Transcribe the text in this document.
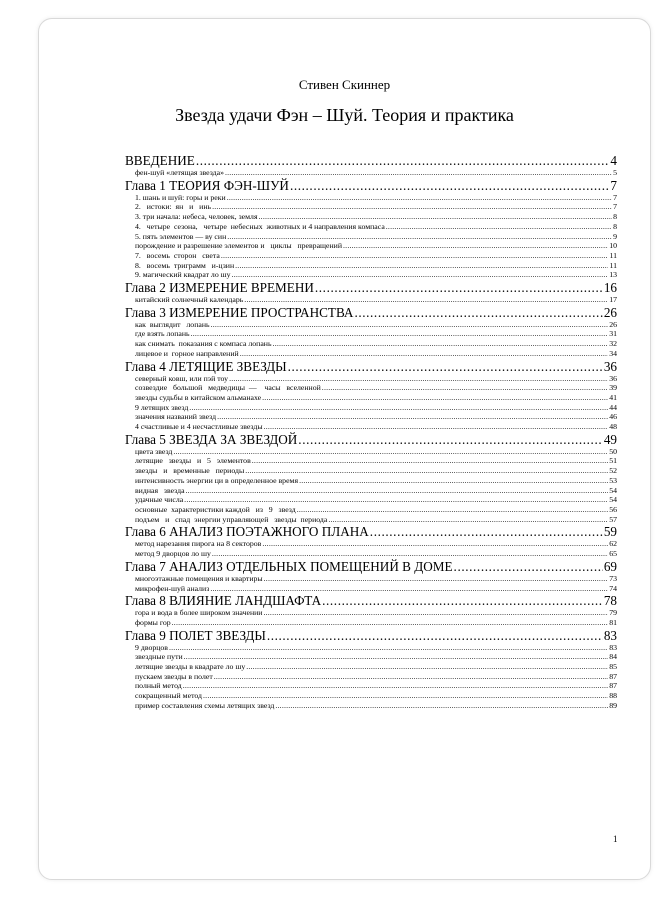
Стивен Скиннер
Звезда удачи Фэн – Шуй. Теория и практика
ВВЕДЕНИЕ .....	4
фен-шуй «летящая звезда» .....	5
Глава 1 ТЕОРИЯ ФЭН-ШУЙ .....	7
1. шань и шуй: горы и реки .....	7
2.   истоки:  ян   и   инь .....	7
3. три начала: небеса, человек, земля .....	8
4.   четыре  сезона,   четыре  небесных  животных и 4 направления компаса .....	8
5. пять элементов — ву син .....	9
порождение и разрешение элементов и   циклы   превращений .....	10
7.   восемь  сторон   света .....	11
8.   восемь  триграмм   и-цзин .....	11
9. магический квадрат ло шу .....	13
Глава 2 ИЗМЕРЕНИЕ ВРЕМЕНИ .....	16
китайский солнечный календарь .....	17
Глава 3 ИЗМЕРЕНИЕ ПРОСТРАНСТВА .....	26
как  выглядит   лопань .....	26
где взять лопань .....	31
как снимать  показания с компаса лопань .....	32
лицевое и  горное направлений .....	34
Глава 4 ЛЕТЯЩИЕ ЗВЕЗДЫ .....	36
северный ковш, или пэй тоу .....	36
созвездие   большой   медведицы  —    часы   вселенной .....	39
звезды судьбы в китайском альманахе .....	41
9 летящих звезд .....	44
значения названий звезд .....	46
4 счастливые и 4 несчастливые звезды .....	48
Глава 5 ЗВЕЗДА ЗА ЗВЕЗДОЙ .....	49
цвета звезд .....	50
летящие   звезды   и   5   элементов .....	51
звезды   и   временные   периоды .....	52
интенсивность энергии ци в определенное время .....	53
видная   звезда .....	54
удачные числа .....	54
основные  характеристики каждой   из   9   звезд .....	56
подъем   и   спад  энергии управляющей   звезды  периода .....	57
Глава 6 АНАЛИЗ ПОЭТАЖНОГО ПЛАНА .....	59
метод нарезания пирога на 8 секторов .....	62
метод 9 дворцов ло шу .....	65
Глава 7 АНАЛИЗ ОТДЕЛЬНЫХ ПОМЕЩЕНИЙ В ДОМЕ .....	69
многоэтажные помещения и квартиры .....	73
микрофен-шуй анализ .....	74
Глава 8 ВЛИЯНИЕ ЛАНДШАФТА .....	78
гора и вода в более широком значении .....	79
формы гор .....	81
Глава 9 ПОЛЕТ ЗВЕЗДЫ .....	83
9 дворцов .....	83
звездные пути .....	84
летящие звезды в квадрате ло шу .....	85
пускаем звезды в полет .....	87
полный метод .....	87
сокращенный метод .....	88
пример составления схемы летящих звезд .....	89
1
